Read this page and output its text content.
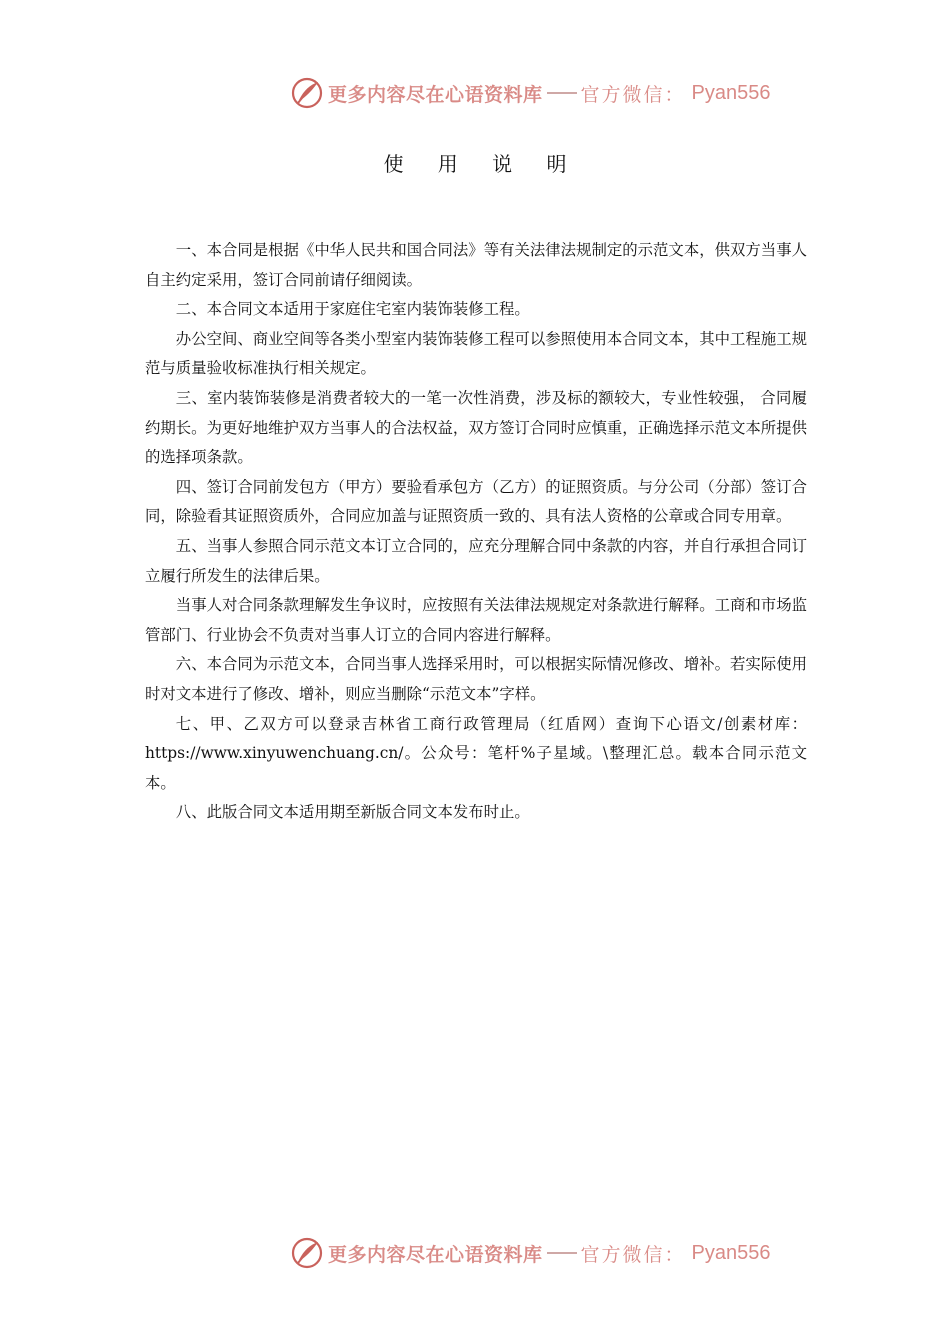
更多内容尽在心语资料库 官方微信： Pyan556
使 用 说 明

一、本合同是根据《中华人民共和国合同法》等有关法律法规制定的示范文本，供双方当事人自主约定采用，签订合同前请仔细阅读。

二、本合同文本适用于家庭住宅室内装饰装修工程。

办公空间、商业空间等各类小型室内装饰装修工程可以参照使用本合同文本，其中工程施工规范与质量验收标准执行相关规定。

三、室内装饰装修是消费者较大的一笔一次性消费，涉及标的额较大，专业性较强， 合同履约期长。为更好地维护双方当事人的合法权益，双方签订合同时应慎重，正确选择示范文本所提供的选择项条款。

四、签订合同前发包方（甲方）要验看承包方（乙方）的证照资质。与分公司（分部）签订合同，除验看其证照资质外，合同应加盖与证照资质一致的、具有法人资格的公章或合同专用章。

五、当事人参照合同示范文本订立合同的，应充分理解合同中条款的内容，并自行承担合同订立履行所发生的法律后果。

当事人对合同条款理解发生争议时，应按照有关法律法规规定对条款进行解释。工商和市场监管部门、行业协会不负责对当事人订立的合同内容进行解释。

六、本合同为示范文本，合同当事人选择采用时，可以根据实际情况修改、增补。若实际使用时对文本进行了修改、增补，则应当删除“示范文本”字样。

七、甲、乙双方可以登录吉林省工商行政管理局（红盾网）查询下心语文/创素材库：https://www.xinyuwenchuang.cn/。公众号：笔杆%子星域。\整理汇总。载本合同示范文本。

八、此版合同文本适用期至新版合同文本发布时止。

更多内容尽在心语资料库 官方微信： Pyan556
